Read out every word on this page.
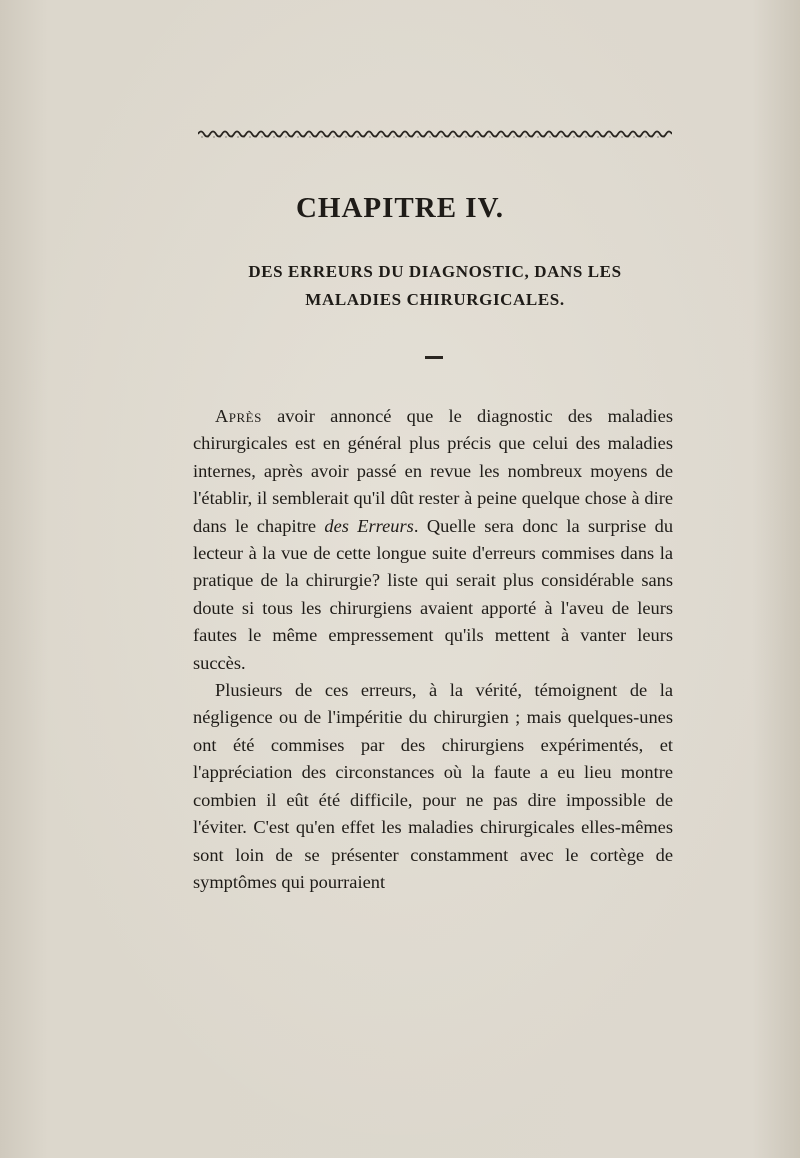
CHAPITRE IV.
DES ERREURS DU DIAGNOSTIC, DANS LES
MALADIES CHIRURGICALES.

Après avoir annoncé que le diagnostic des maladies chirurgicales est en général plus précis que celui des maladies internes, après avoir passé en revue les nombreux moyens de l'établir, il semblerait qu'il dût rester à peine quelque chose à dire dans le chapitre des Erreurs. Quelle sera donc la surprise du lecteur à la vue de cette longue suite d'erreurs commises dans la pratique de la chirurgie? liste qui serait plus considérable sans doute si tous les chirurgiens avaient apporté à l'aveu de leurs fautes le même empressement qu'ils mettent à vanter leurs succès.

Plusieurs de ces erreurs, à la vérité, témoignent de la négligence ou de l'impéritie du chirurgien ; mais quelques-unes ont été commises par des chirurgiens expérimentés, et l'appréciation des circonstances où la faute a eu lieu montre combien il eût été difficile, pour ne pas dire impossible de l'éviter. C'est qu'en effet les maladies chirurgicales elles-mêmes sont loin de se présenter constamment avec le cortège de symptômes qui pourraient
